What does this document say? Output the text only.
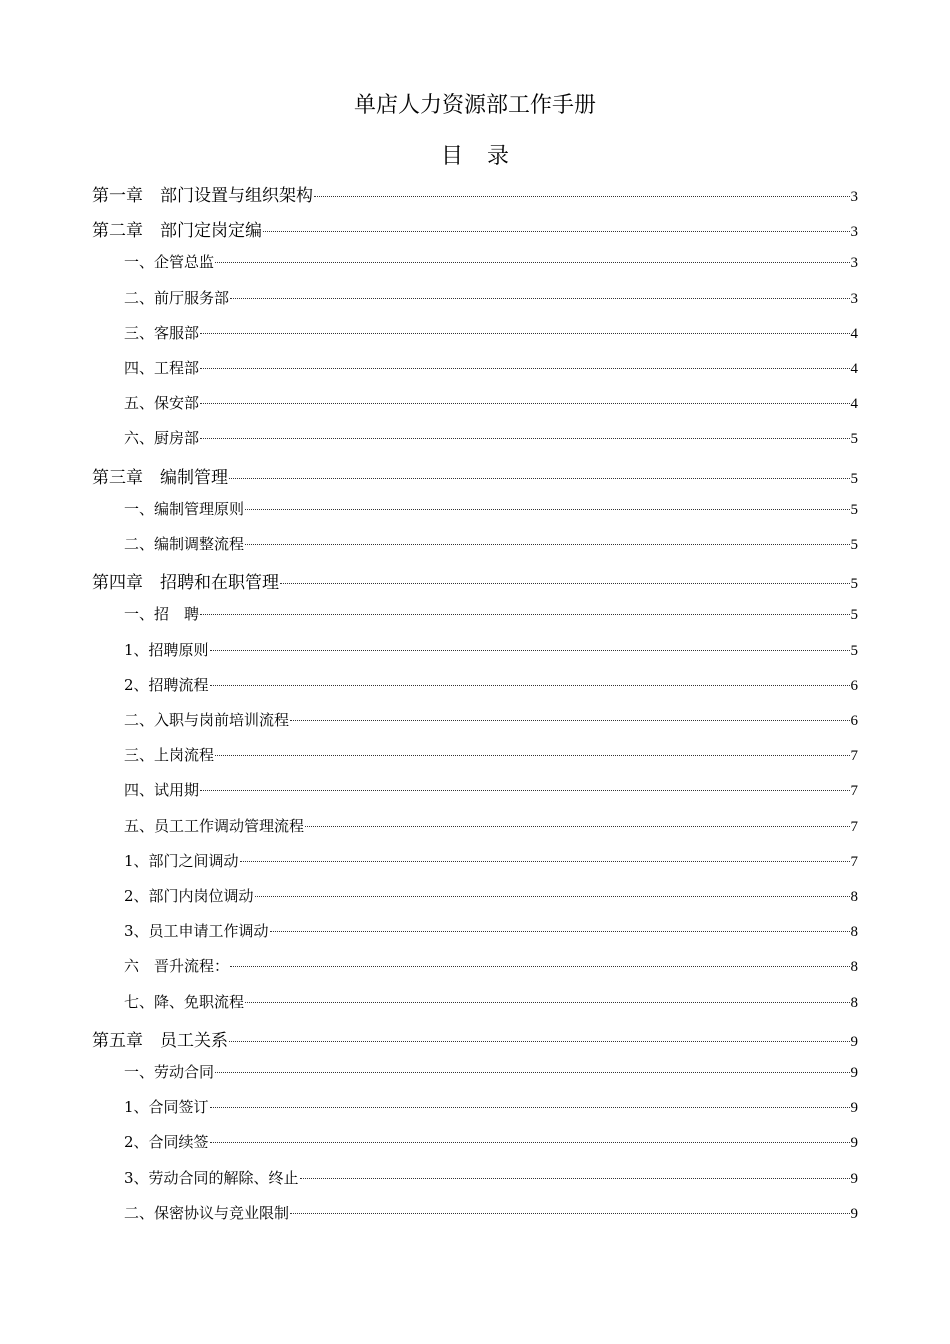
单店人力资源部工作手册
目录
第一章　部门设置与组织架构	3
第二章　部门定岗定编	3
一、企管总监	3
二、前厅服务部	3
三、客服部	4
四、工程部	4
五、保安部	4
六、厨房部	5
第三章　编制管理	5
一、编制管理原则	5
二、编制调整流程	5
第四章　招聘和在职管理	5
一、招　聘	5
1、招聘原则	5
2、招聘流程	6
二、入职与岗前培训流程	6
三、上岗流程	7
四、试用期	7
五、员工工作调动管理流程	7
1、部门之间调动	7
2、部门内岗位调动	8
3、员工申请工作调动	8
六　晋升流程：	8
七、降、免职流程	8
第五章　员工关系	9
一、劳动合同	9
1、合同签订	9
2、合同续签	9
3、劳动合同的解除、终止	9
二、保密协议与竞业限制	9
